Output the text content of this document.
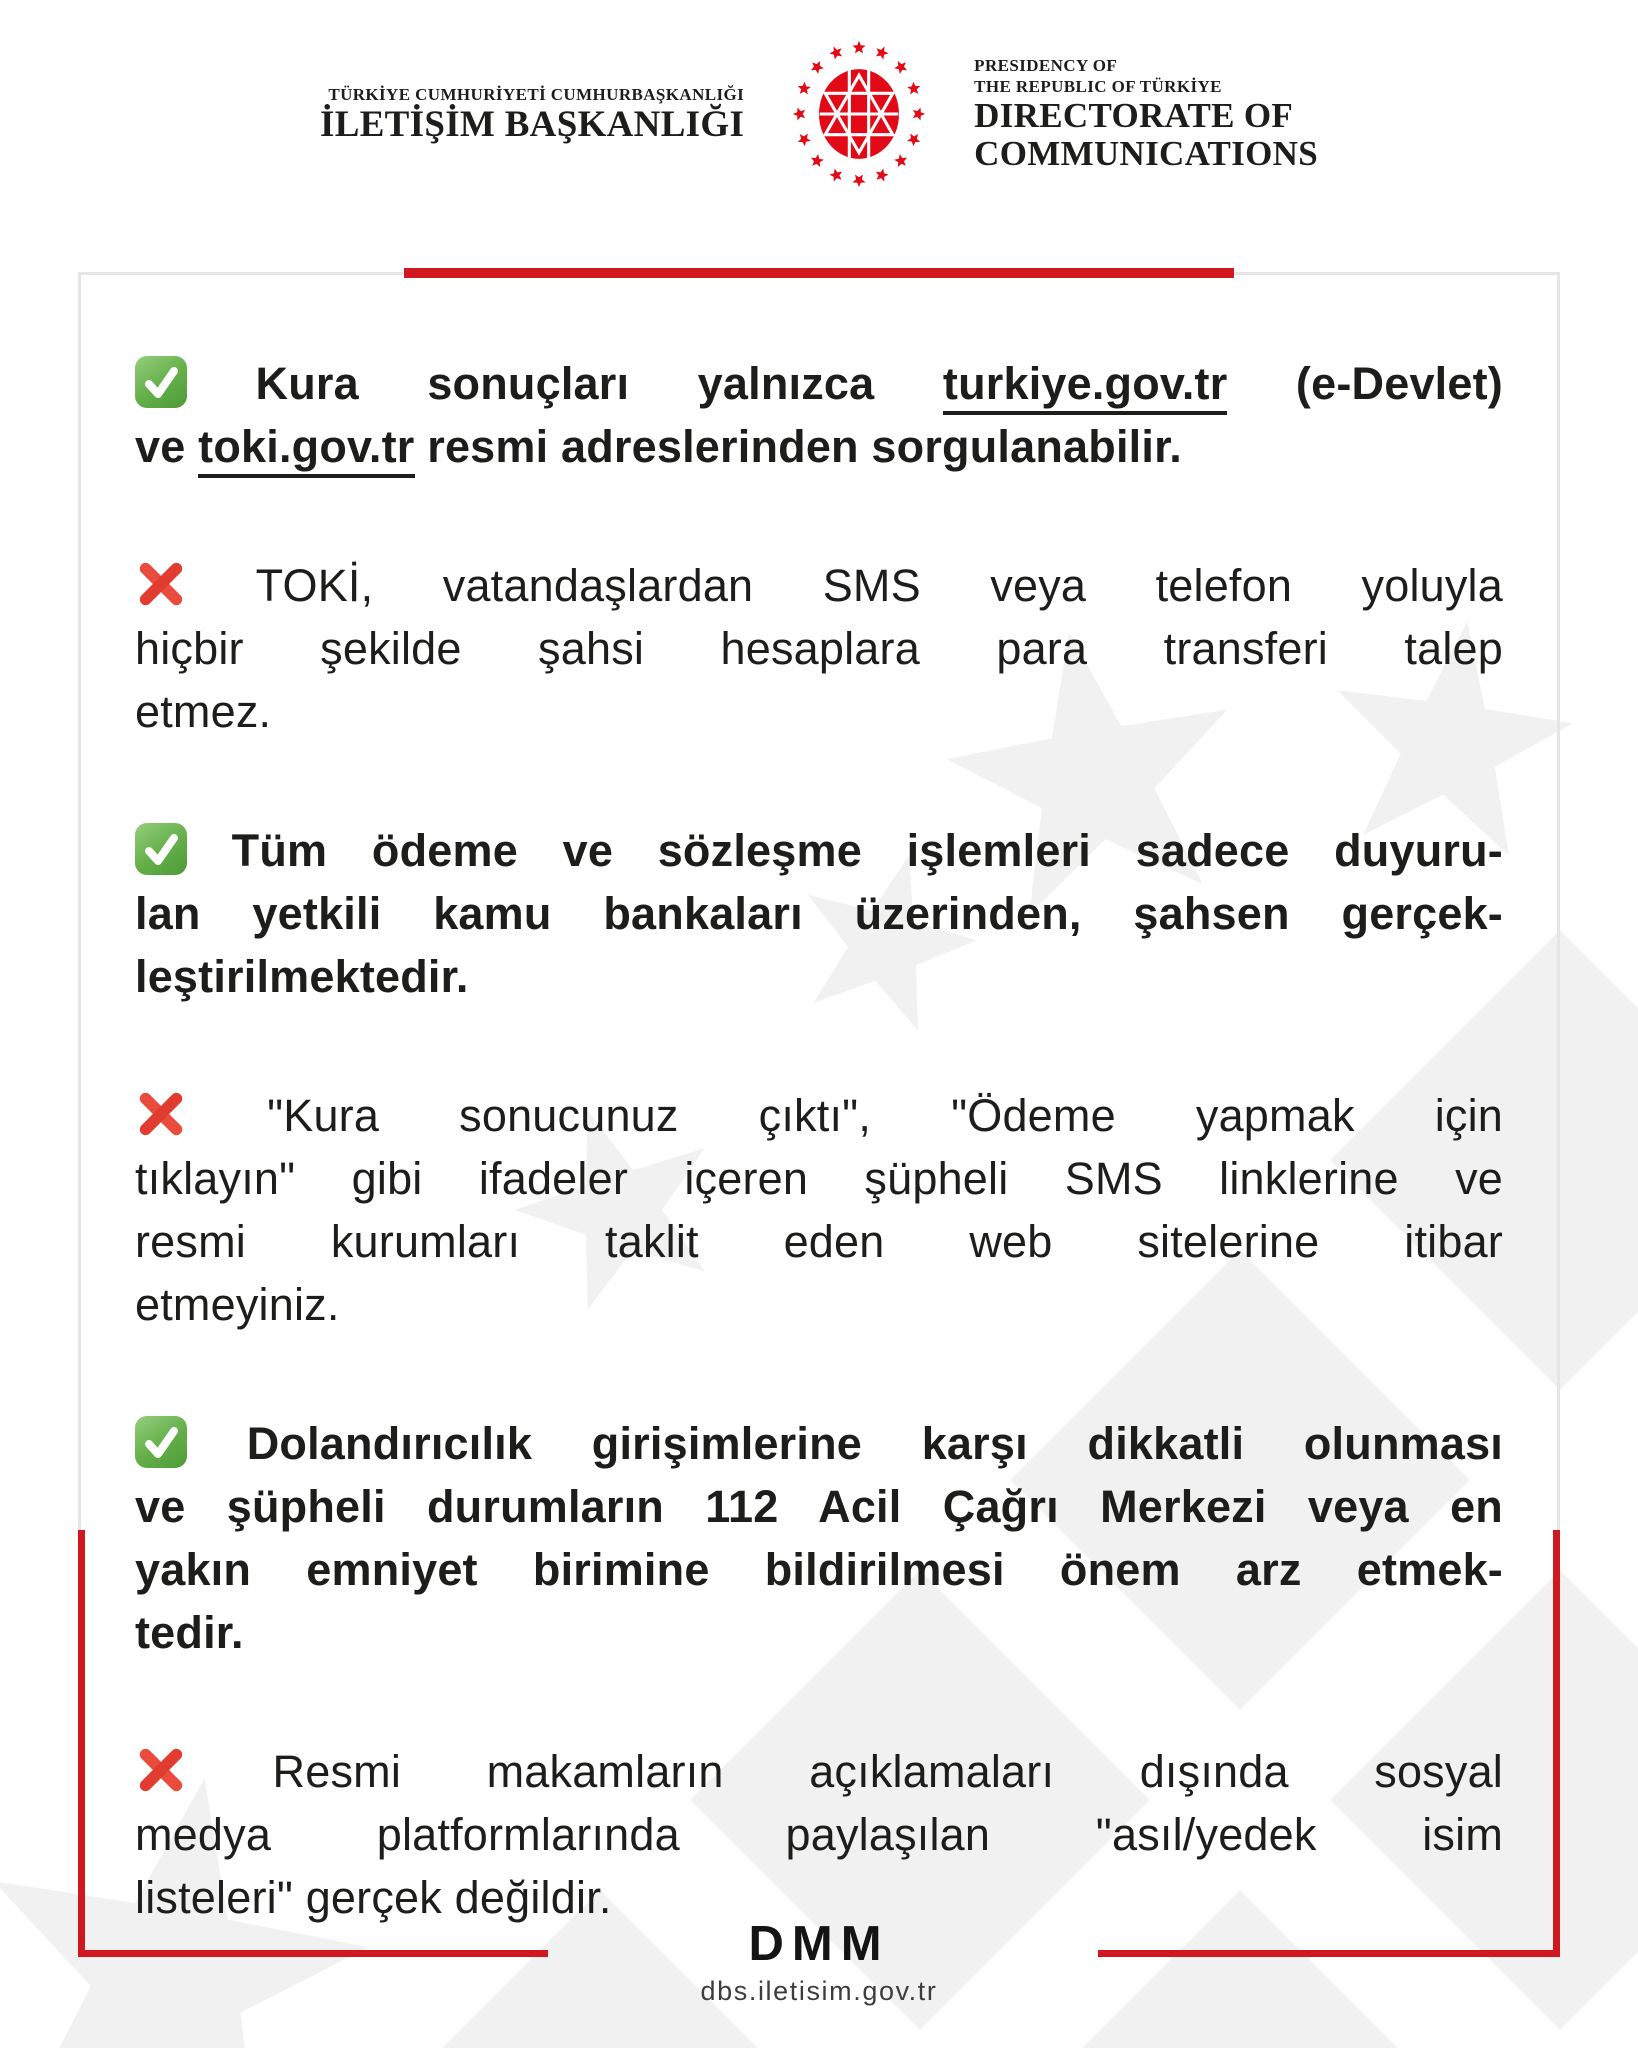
TÜRKİYE CUMHURİYETİ CUMHURBAŞKANLIĞI
İLETİŞİM BAŞKANLIĞI
PRESIDENCY OF
THE REPUBLIC OF TÜRKİYE
DIRECTORATE OF
COMMUNICATIONS
Kura sonuçları yalnızca turkiye.gov.tr (e-Devlet)
ve toki.gov.tr resmi adreslerinden sorgulanabilir.
TOKİ, vatandaşlardan SMS veya telefon yoluyla
hiçbir şekilde şahsi hesaplara para transferi talep
etmez.
Tüm ödeme ve sözleşme işlemleri sadece duyuru-
lan yetkili kamu bankaları üzerinden, şahsen gerçek-
leştirilmektedir.
"Kura sonucunuz çıktı", "Ödeme yapmak için
tıklayın" gibi ifadeler içeren şüpheli SMS linklerine ve
resmi kurumları taklit eden web sitelerine itibar
etmeyiniz.
Dolandırıcılık girişimlerine karşı dikkatli olunması
ve şüpheli durumların 112 Acil Çağrı Merkezi veya en
yakın emniyet birimine bildirilmesi önem arz etmek-
tedir.
Resmi makamların açıklamaları dışında sosyal
medya platformlarında paylaşılan "asıl/yedek isim
listeleri" gerçek değildir.
DMM
dbs.iletisim.gov.tr
